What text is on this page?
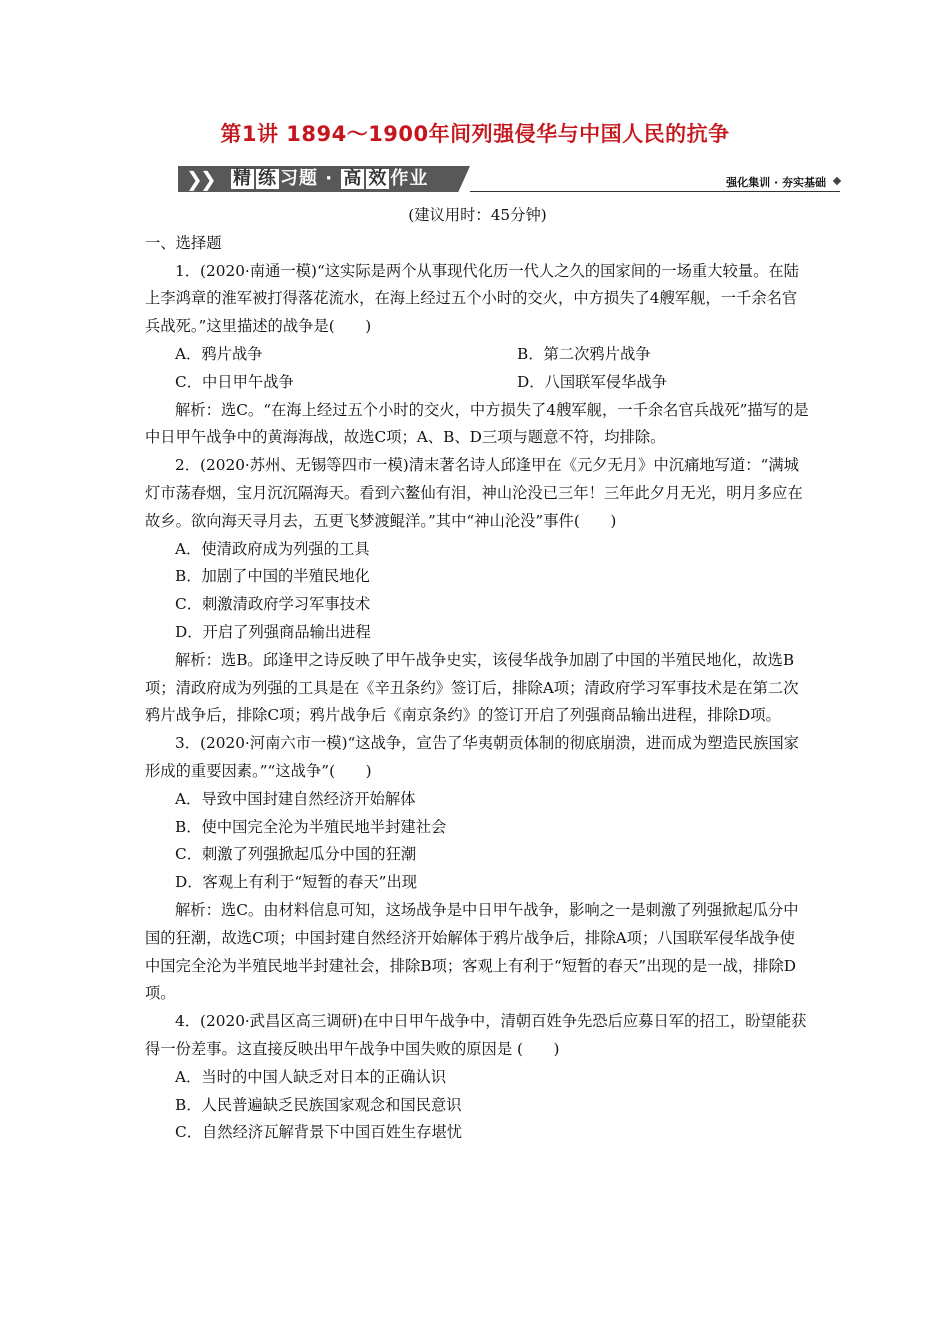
第1讲 1894～1900年间列强侵华与中国人民的抗争
❯
❯ 精 练 习题 · 高 效 作业	强化集训 · 夯实基础

(建议用时：45分钟)

一、选择题

1．(2020·南通一模)“这实际是两个从事现代化历一代人之久的国家间的一场重大较量。在陆上李鸿章的淮军被打得落花流水，在海上经过五个小时的交火，中方损失了4艘军舰，一千余名官兵战死。”这里描述的战争是(　　)

A．鸦片战争	B．第二次鸦片战争
C．中日甲午战争	D．八国联军侵华战争

解析：选C。“在海上经过五个小时的交火，中方损失了4艘军舰，一千余名官兵战死”描写的是中日甲午战争中的黄海海战，故选C项；A、B、D三项与题意不符，均排除。

2．(2020·苏州、无锡等四市一模)清末著名诗人邱逢甲在《元夕无月》中沉痛地写道：“满城灯市荡春烟，宝月沉沉隔海天。看到六鳌仙有泪，神山沦没已三年！三年此夕月无光，明月多应在故乡。欲向海天寻月去，五更飞梦渡鲲洋。”其中“神山沦没”事件(　　)

A．使清政府成为列强的工具

B．加剧了中国的半殖民地化

C．刺激清政府学习军事技术

D．开启了列强商品输出进程

解析：选B。邱逢甲之诗反映了甲午战争史实，该侵华战争加剧了中国的半殖民地化，故选B项；清政府成为列强的工具是在《辛丑条约》签订后，排除A项；清政府学习军事技术是在第二次鸦片战争后，排除C项；鸦片战争后《南京条约》的签订开启了列强商品输出进程，排除D项。

3．(2020·河南六市一模)“这战争，宣告了华夷朝贡体制的彻底崩溃，进而成为塑造民族国家形成的重要因素。”“这战争”(　　)

A．导致中国封建自然经济开始解体

B．使中国完全沦为半殖民地半封建社会

C．刺激了列强掀起瓜分中国的狂潮

D．客观上有利于“短暂的春天”出现

解析：选C。由材料信息可知，这场战争是中日甲午战争，影响之一是刺激了列强掀起瓜分中国的狂潮，故选C项；中国封建自然经济开始解体于鸦片战争后，排除A项；八国联军侵华战争使中国完全沦为半殖民地半封建社会，排除B项；客观上有利于“短暂的春天”出现的是一战，排除D项。

4．(2020·武昌区高三调研)在中日甲午战争中，清朝百姓争先恐后应募日军的招工，盼望能获得一份差事。这直接反映出甲午战争中国失败的原因是 (　　)

A．当时的中国人缺乏对日本的正确认识

B．人民普遍缺乏民族国家观念和国民意识

C．自然经济瓦解背景下中国百姓生存堪忧
